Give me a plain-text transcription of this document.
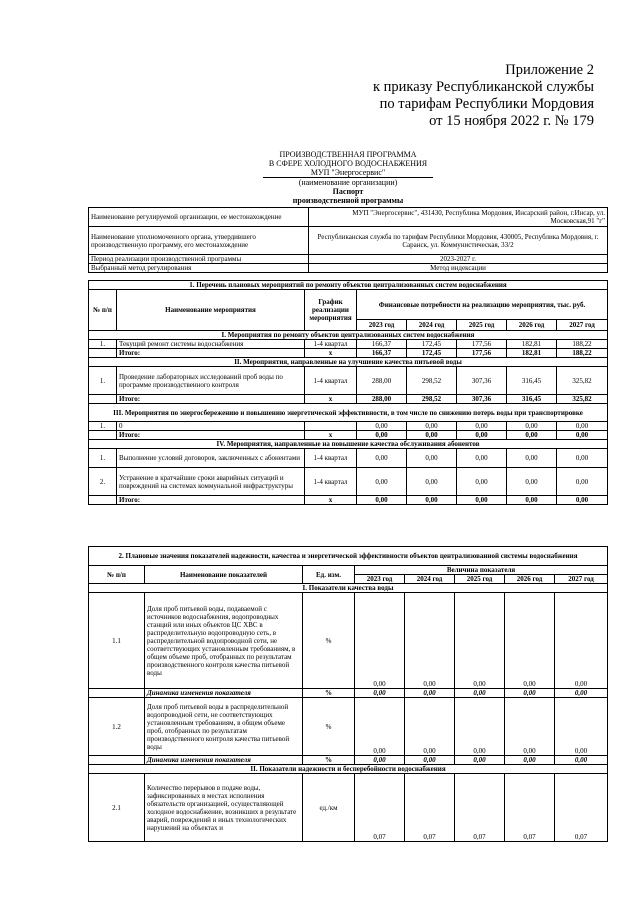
Приложение 2
к приказу Республиканской службы
по тарифам Республики Мордовия
от 15 ноября 2022 г. № 179
ПРОИЗВОДСТВЕННАЯ ПРОГРАММА
В СФЕРЕ ХОЛОДНОГО ВОДОСНАБЖЕНИЯ
МУП "Энергосервис"
(наименование организации)
Паспорт
производственной программы
Наименование регулируемой организации, ее местонахождение	МУП "Энергосервис", 431430, Республика Мордовия, Инсарский район, г.Инсар, ул. Московская,91 "г"
Наименование уполномоченного органа, утвердившего производственную программу, его местонахождение	Республиканская служба по тарифам Республики Мордовия, 430005, Республика Мордовия, г. Саранск, ул. Коммунистическая, 33/2
Период реализации производственной программы	2023-2027 г.
Выбранный метод регулирования	Метод индексации
1. Перечень плановых мероприятий по ремонту объектов централизованных систем водоснабжения							
№ п/п	Наименование мероприятия	График реализации мероприятия	Финансовые потребности на реализацию мероприятия, тыс. руб.				
			2023 год	2024 год	2025 год	2026 год	2027 год
I. Мероприятия по ремонту объектов централизованных систем водоснабжения							
1.	Текущий ремонт системы водоснабжения	1-4 квартал	166,37	172,45	177,56	182,81	188,22
	Итого:	х	166,37	172,45	177,56	182,81	188,22
II. Мероприятия, направленные на улучшение качества питьевой воды							
1.	Проведение лабораторных исследований проб воды по программе производственного контроля	1-4 квартал	288,00	298,52	307,36	316,45	325,82
	Итого:	х	288,00	298,52	307,36	316,45	325,82
III. Мероприятия по энергосбережению и повышению энергетической эффективности, в том числе по снижению потерь воды при транспортировке							
1.	0		0,00	0,00	0,00	0,00	0,00
	Итого:	х	0,00	0,00	0,00	0,00	0,00
IV. Мероприятия, направленные на повышение качества обслуживания абонентов							
1.	Выполнение условий договоров, заключенных с абонентами	1-4 квартал	0,00	0,00	0,00	0,00	0,00
2.	Устранение в кратчайшие сроки аварийных ситуаций и повреждений на системах коммунальной инфраструктуры	1-4 квартал	0,00	0,00	0,00	0,00	0,00
	Итого:	х	0,00	0,00	0,00	0,00	0,00
2. Плановые значения показателей надежности, качества и энергетической эффективности объектов централизованной системы водоснабжения							
№ п/п	Наименование показателей	Ед. изм.	Величина показателя				
			2023 год	2024 год	2025 год	2026 год	2027 год
I. Показатели качества воды							
1.1	Доля проб питьевой воды, подаваемой с источников водоснабжения, водопроводных станций или иных объектов ЦС ХВС в распределительную водопроводную сеть, в распределительной водопроводной сети, не соответствующих установленным требованиям, в общем объеме проб, отобранных по результатам производственного контроля качества питьевой воды	%	0,00	0,00	0,00	0,00	0,00
	Динамика изменения показателя	%	0,00	0,00	0,00	0,00	0,00
1.2	Доля проб питьевой воды в распределительной водопроводной сети, не соответствующих установленным требованиям, в общем объеме проб, отобранных по результатам производственного контроля качества питьевой воды	%	0,00	0,00	0,00	0,00	0,00
	Динамика изменения показателя	%	0,00	0,00	0,00	0,00	0,00
II. Показатели надежности и бесперебойности водоснабжения							
2.1	Количество перерывов в подаче воды, зафиксированных в местах исполнения обязательств организацией, осуществляющей холодное водоснабжение, возникших в результате аварий, повреждений и иных технологических нарушений на объектах и	ед./км	0,07	0,07	0,07	0,07	0,07
